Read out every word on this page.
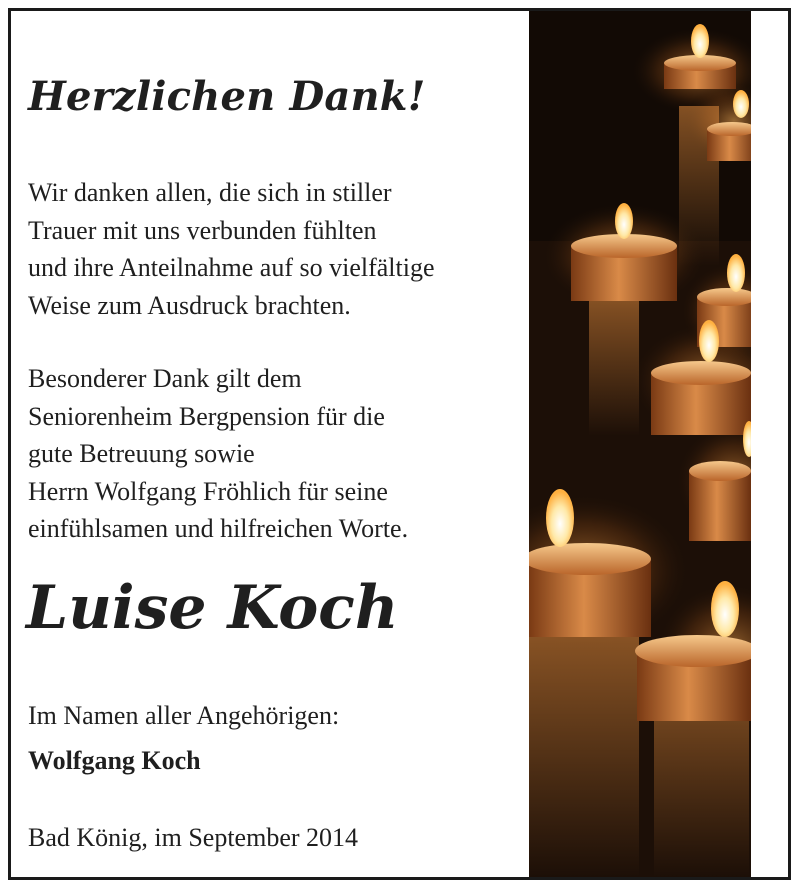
Herzlichen Dank!

Wir danken allen, die sich in stiller
Trauer mit uns verbunden fühlten
und ihre Anteilnahme auf so vielfältige
Weise zum Ausdruck brachten.

Besonderer Dank gilt dem
Seniorenheim Bergpension für die
gute Betreuung sowie
Herrn Wolfgang Fröhlich für seine
einfühlsamen und hilfreichen Worte.

Luise Koch

Im Namen aller Angehörigen:

Wolfgang Koch

Bad König, im September 2014
